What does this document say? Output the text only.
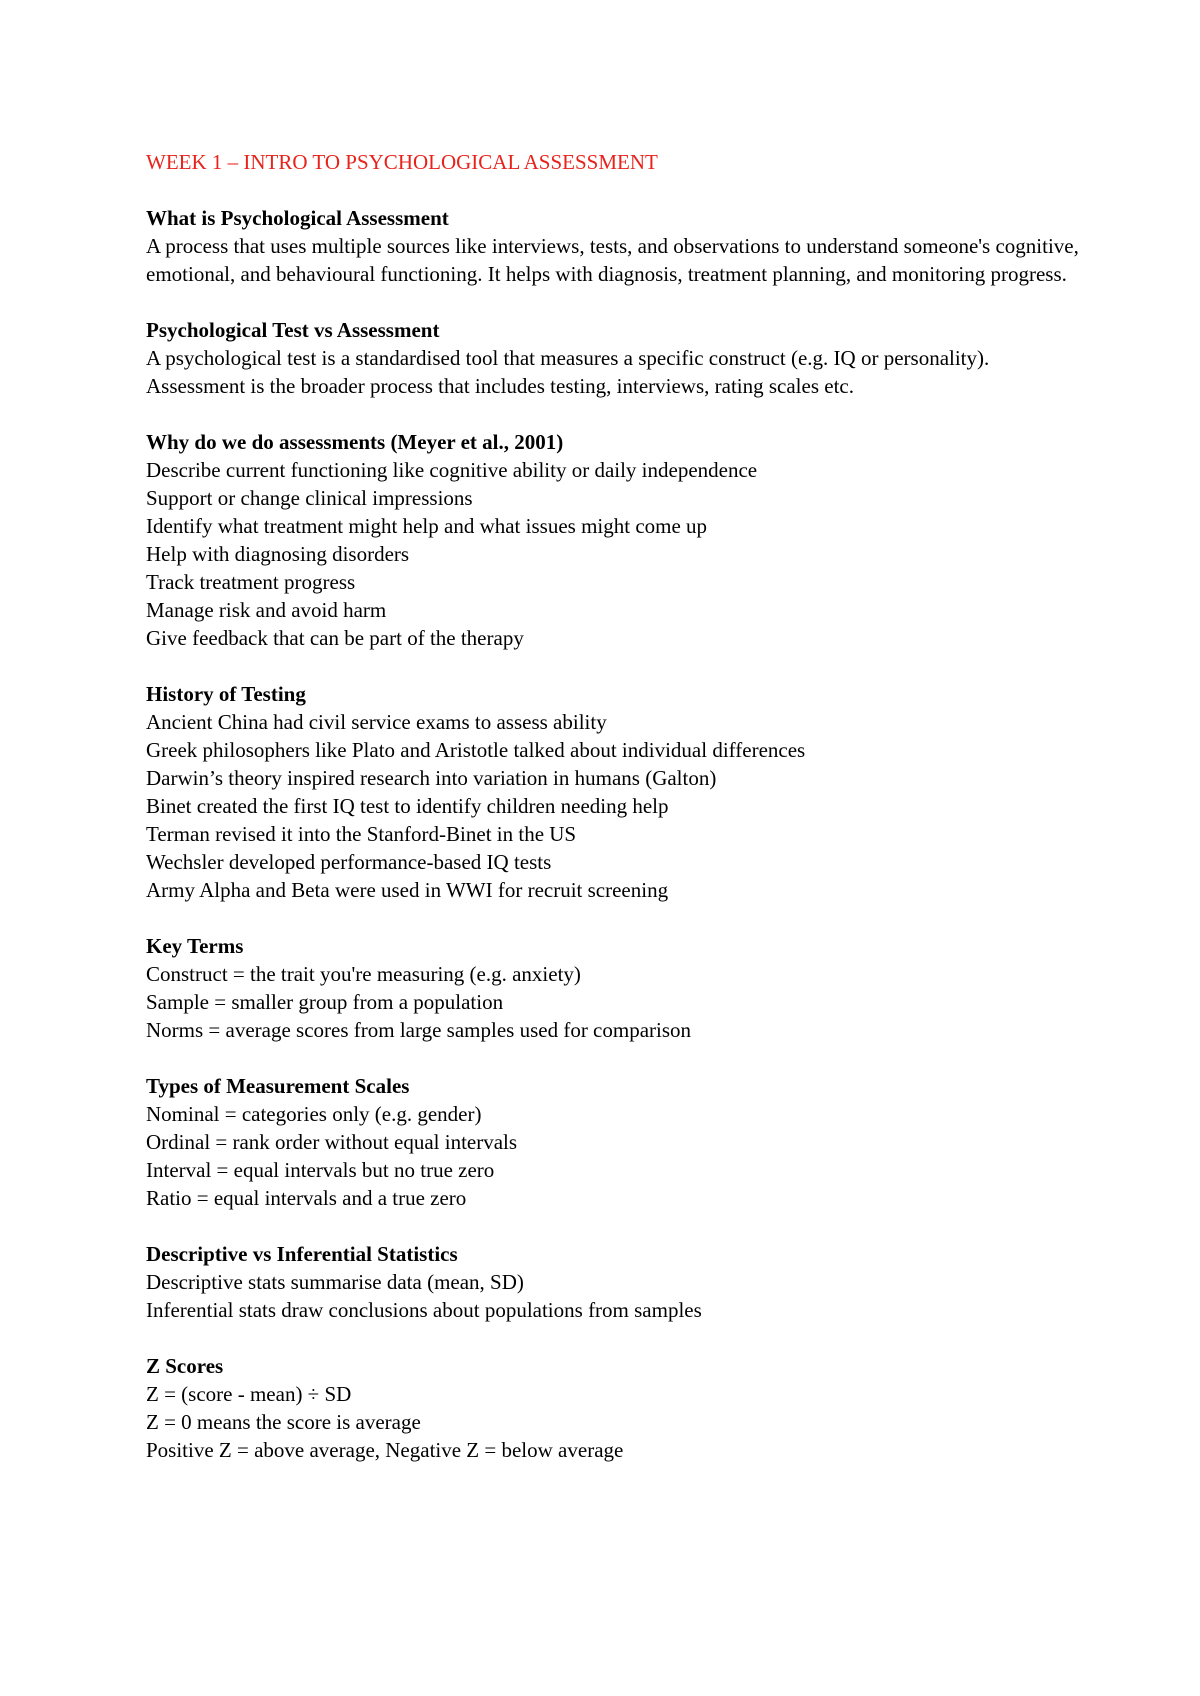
WEEK 1 – INTRO TO PSYCHOLOGICAL ASSESSMENT

What is Psychological Assessment

A process that uses multiple sources like interviews, tests, and observations to understand someone's cognitive, emotional, and behavioural functioning. It helps with diagnosis, treatment planning, and monitoring progress.

Psychological Test vs Assessment

A psychological test is a standardised tool that measures a specific construct (e.g. IQ or personality). Assessment is the broader process that includes testing, interviews, rating scales etc.

Why do we do assessments (Meyer et al., 2001)

Describe current functioning like cognitive ability or daily independence

Support or change clinical impressions

Identify what treatment might help and what issues might come up

Help with diagnosing disorders

Track treatment progress

Manage risk and avoid harm

Give feedback that can be part of the therapy

History of Testing

Ancient China had civil service exams to assess ability

Greek philosophers like Plato and Aristotle talked about individual differences

Darwin’s theory inspired research into variation in humans (Galton)

Binet created the first IQ test to identify children needing help

Terman revised it into the Stanford-Binet in the US

Wechsler developed performance-based IQ tests

Army Alpha and Beta were used in WWI for recruit screening

Key Terms

Construct = the trait you're measuring (e.g. anxiety)

Sample = smaller group from a population

Norms = average scores from large samples used for comparison

Types of Measurement Scales

Nominal = categories only (e.g. gender)

Ordinal = rank order without equal intervals

Interval = equal intervals but no true zero

Ratio = equal intervals and a true zero

Descriptive vs Inferential Statistics

Descriptive stats summarise data (mean, SD)

Inferential stats draw conclusions about populations from samples

Z Scores

Z = (score - mean) ÷ SD

Z = 0 means the score is average

Positive Z = above average, Negative Z = below average
